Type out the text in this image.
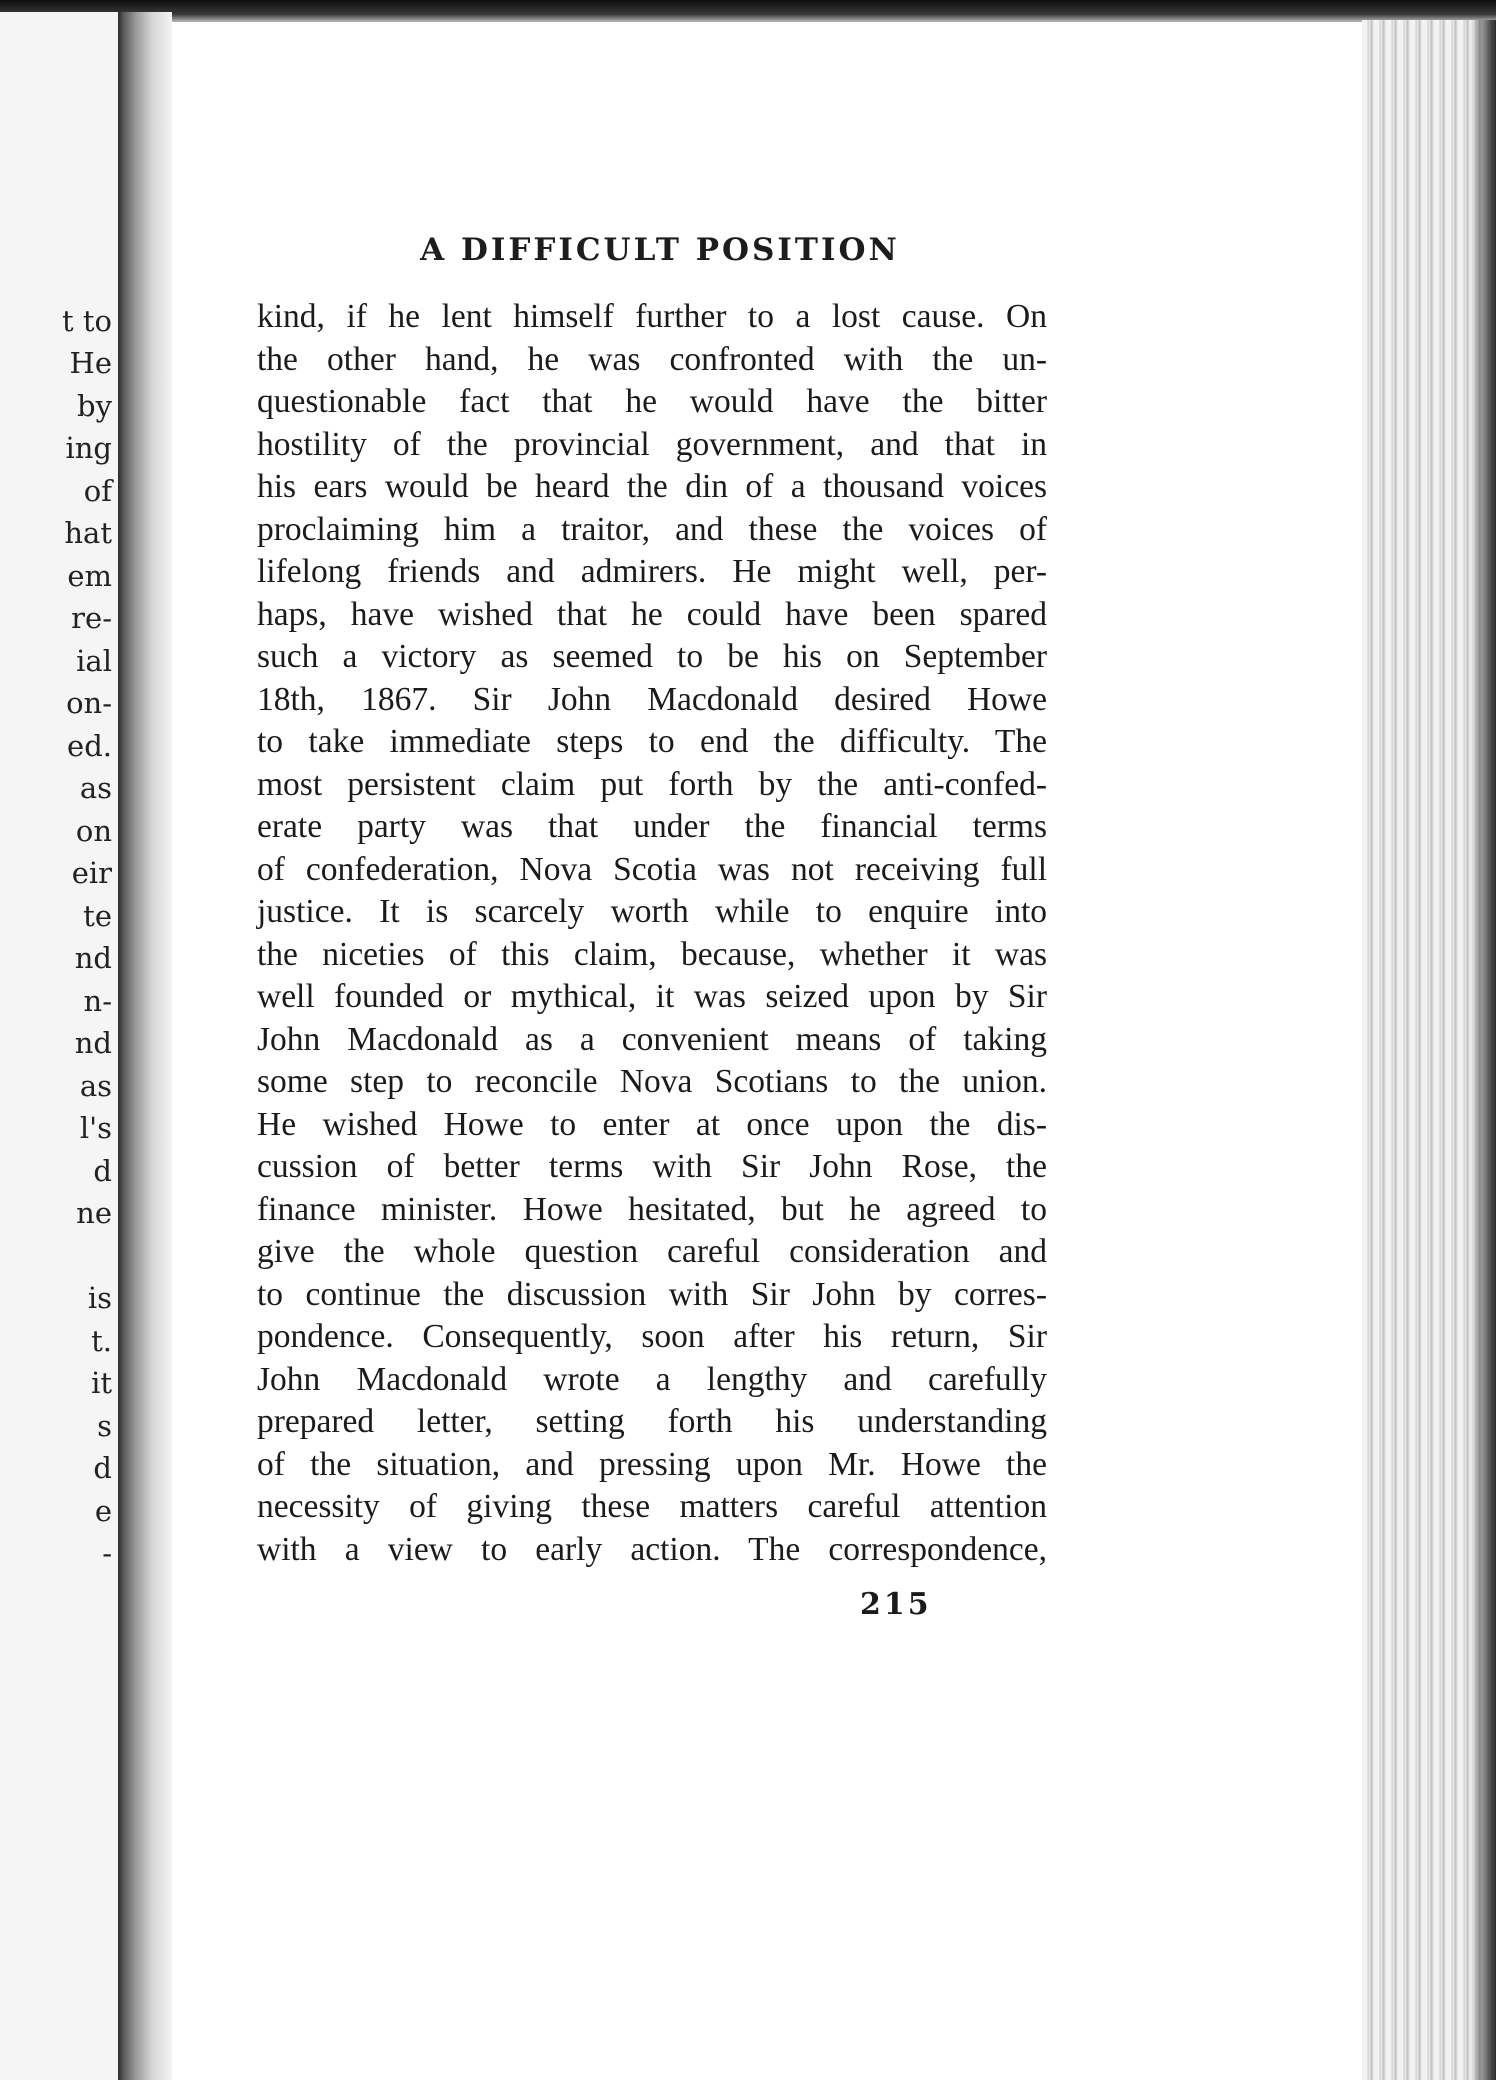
t to

He

by

ing

of

hat

em

re-

ial

on-

ed.

as

on

eir

te

nd

n-

nd

as

l's

d

ne

is

t.

it

s

d

e

-

A DIFFICULT POSITION
kind, if he lent himself further to a lost cause. On
the other hand, he was confronted with the un-
questionable fact that he would have the bitter
hostility of the provincial government, and that in
his ears would be heard the din of a thousand voices
proclaiming him a traitor, and these the voices of
lifelong friends and admirers. He might well, per-
haps, have wished that he could have been spared
such a victory as seemed to be his on September
18th, 1867. Sir John Macdonald desired Howe
to take immediate steps to end the difficulty. The
most persistent claim put forth by the anti-confed-
erate party was that under the financial terms
of confederation, Nova Scotia was not receiving full
justice. It is scarcely worth while to enquire into
the niceties of this claim, because, whether it was
well founded or mythical, it was seized upon by Sir
John Macdonald as a convenient means of taking
some step to reconcile Nova Scotians to the union.
He wished Howe to enter at once upon the dis-
cussion of better terms with Sir John Rose, the
finance minister. Howe hesitated, but he agreed to
give the whole question careful consideration and
to continue the discussion with Sir John by corres-
pondence. Consequently, soon after his return, Sir
John Macdonald wrote a lengthy and carefully
prepared letter, setting forth his understanding
of the situation, and pressing upon Mr. Howe the
necessity of giving these matters careful attention
with a view to early action. The correspondence,

215
